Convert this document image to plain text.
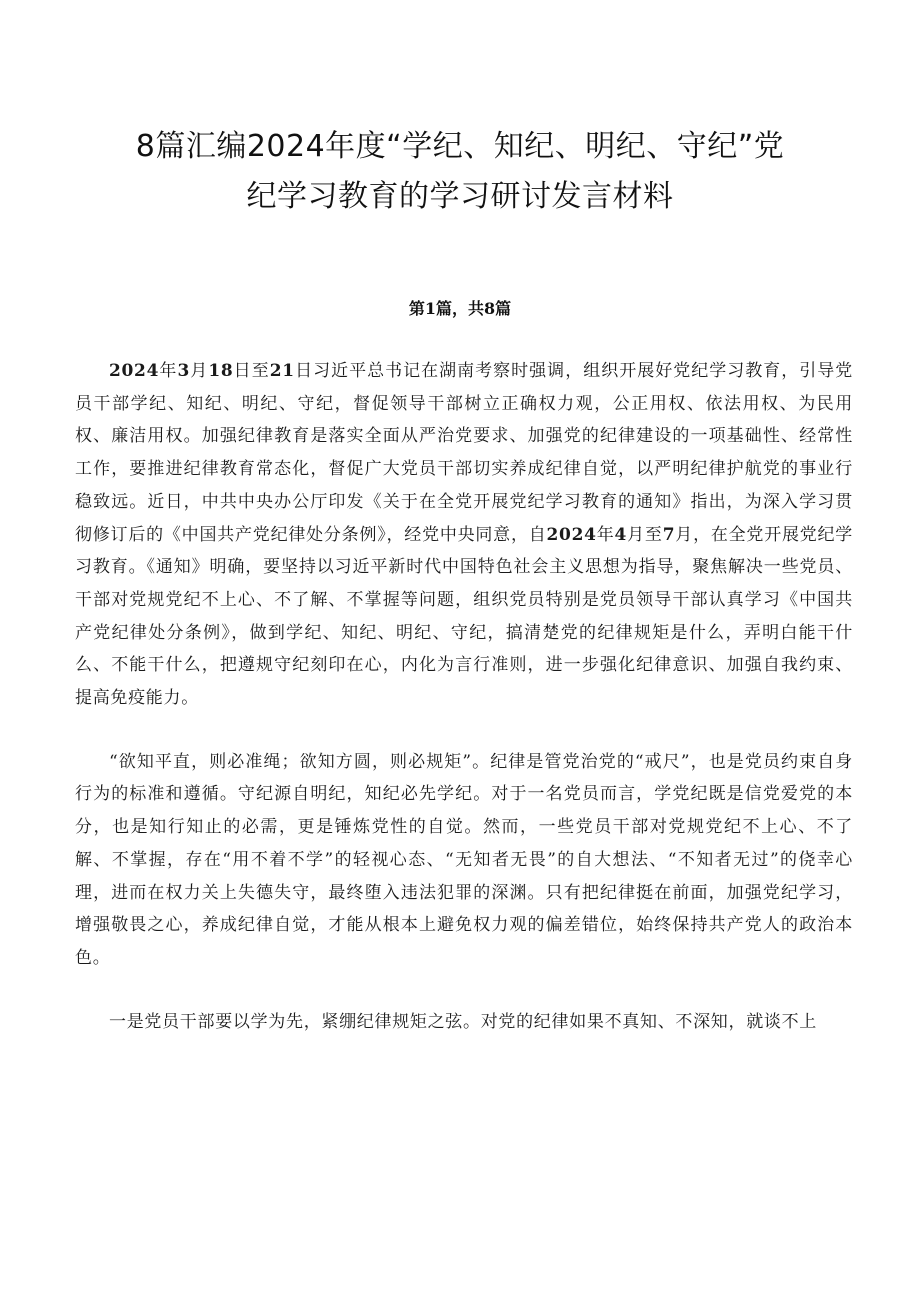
8篇汇编2024年度“学纪、知纪、明纪、守纪”党
纪学习教育的学习研讨发言材料

第1篇，共8篇

2024年3月18日至21日习近平总书记在湖南考察时强调，组织开展好党纪学习教育，引导党员干部学纪、知纪、明纪、守纪，督促领导干部树立正确权力观，公正用权、依法用权、为民用权、廉洁用权。加强纪律教育是落实全面从严治党要求、加强党的纪律建设的一项基础性、经常性工作，要推进纪律教育常态化，督促广大党员干部切实养成纪律自觉，以严明纪律护航党的事业行稳致远。近日，中共中央办公厅印发《关于在全党开展党纪学习教育的通知》指出，为深入学习贯彻修订后的《中国共产党纪律处分条例》，经党中央同意，自2024年4月至7月，在全党开展党纪学习教育。《通知》明确，要坚持以习近平新时代中国特色社会主义思想为指导，聚焦解决一些党员、干部对党规党纪不上心、不了解、不掌握等问题，组织党员特别是党员领导干部认真学习《中国共产党纪律处分条例》，做到学纪、知纪、明纪、守纪，搞清楚党的纪律规矩是什么，弄明白能干什么、不能干什么，把遵规守纪刻印在心，内化为言行准则，进一步强化纪律意识、加强自我约束、提高免疫能力。

“欲知平直，则必准绳；欲知方圆，则必规矩”。纪律是管党治党的“戒尺”，也是党员约束自身行为的标准和遵循。守纪源自明纪，知纪必先学纪。对于一名党员而言，学党纪既是信党爱党的本分，也是知行知止的必需，更是锤炼党性的自觉。然而，一些党员干部对党规党纪不上心、不了解、不掌握，存在“用不着不学”的轻视心态、“无知者无畏”的自大想法、“不知者无过”的侥幸心理，进而在权力关上失德失守，最终堕入违法犯罪的深渊。只有把纪律挺在前面，加强党纪学习，增强敬畏之心，养成纪律自觉，才能从根本上避免权力观的偏差错位，始终保持共产党人的政治本色。

一是党员干部要以学为先，紧绷纪律规矩之弦。对党的纪律如果不真知、不深知，就谈不上
